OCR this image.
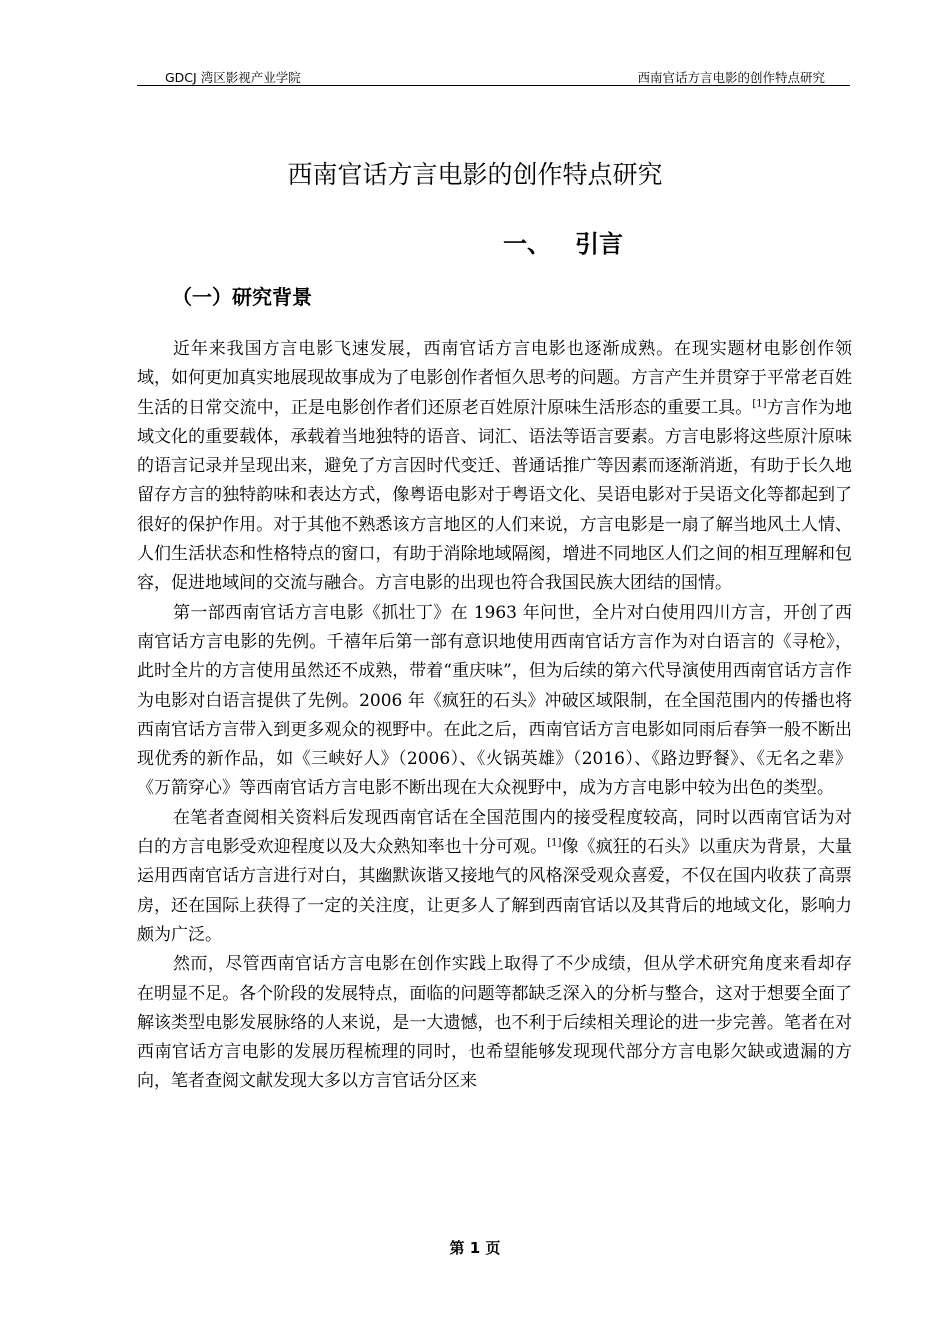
GDCJ 湾区影视产业学院	西南官话方言电影的创作特点研究
西南官话方言电影的创作特点研究
一、 引言
（一）研究背景

近年来我国方言电影飞速发展，西南官话方言电影也逐渐成熟。在现实题材电影创作领域，如何更加真实地展现故事成为了电影创作者恒久思考的问题。方言产生并贯穿于平常老百姓生活的日常交流中，正是电影创作者们还原老百姓原汁原味生活形态的重要工具。[1]方言作为地域文化的重要载体，承载着当地独特的语音、词汇、语法等语言要素。方言电影将这些原汁原味的语言记录并呈现出来，避免了方言因时代变迁、普通话推广等因素而逐渐消逝，有助于长久地留存方言的独特韵味和表达方式，像粤语电影对于粤语文化、吴语电影对于吴语文化等都起到了很好的保护作用。对于其他不熟悉该方言地区的人们来说，方言电影是一扇了解当地风土人情、人们生活状态和性格特点的窗口，有助于消除地域隔阂，增进不同地区人们之间的相互理解和包容，促进地域间的交流与融合。方言电影的出现也符合我国民族大团结的国情。

第一部西南官话方言电影《抓壮丁》在 1963 年问世，全片对白使用四川方言，开创了西南官话方言电影的先例。千禧年后第一部有意识地使用西南官话方言作为对白语言的《寻枪》，此时全片的方言使用虽然还不成熟，带着“重庆味”，但为后续的第六代导演使用西南官话方言作为电影对白语言提供了先例。2006 年《疯狂的石头》冲破区域限制，在全国范围内的传播也将西南官话方言带入到更多观众的视野中。在此之后，西南官话方言电影如同雨后春笋一般不断出现优秀的新作品，如《三峡好人》（2006）、《火锅英雄》（2016）、《路边野餐》、《无名之辈》《万箭穿心》等西南官话方言电影不断出现在大众视野中，成为方言电影中较为出色的类型。

在笔者查阅相关资料后发现西南官话在全国范围内的接受程度较高，同时以西南官话为对白的方言电影受欢迎程度以及大众熟知率也十分可观。[1]像《疯狂的石头》以重庆为背景，大量运用西南官话方言进行对白，其幽默诙谐又接地气的风格深受观众喜爱，不仅在国内收获了高票房，还在国际上获得了一定的关注度，让更多人了解到西南官话以及其背后的地域文化，影响力颇为广泛。

然而，尽管西南官话方言电影在创作实践上取得了不少成绩，但从学术研究角度来看却存在明显不足。各个阶段的发展特点，面临的问题等都缺乏深入的分析与整合，这对于想要全面了解该类型电影发展脉络的人来说，是一大遗憾，也不利于后续相关理论的进一步完善。笔者在对西南官话方言电影的发展历程梳理的同时，也希望能够发现现代部分方言电影欠缺或遗漏的方向，笔者查阅文献发现大多以方言官话分区来

第 1 页
